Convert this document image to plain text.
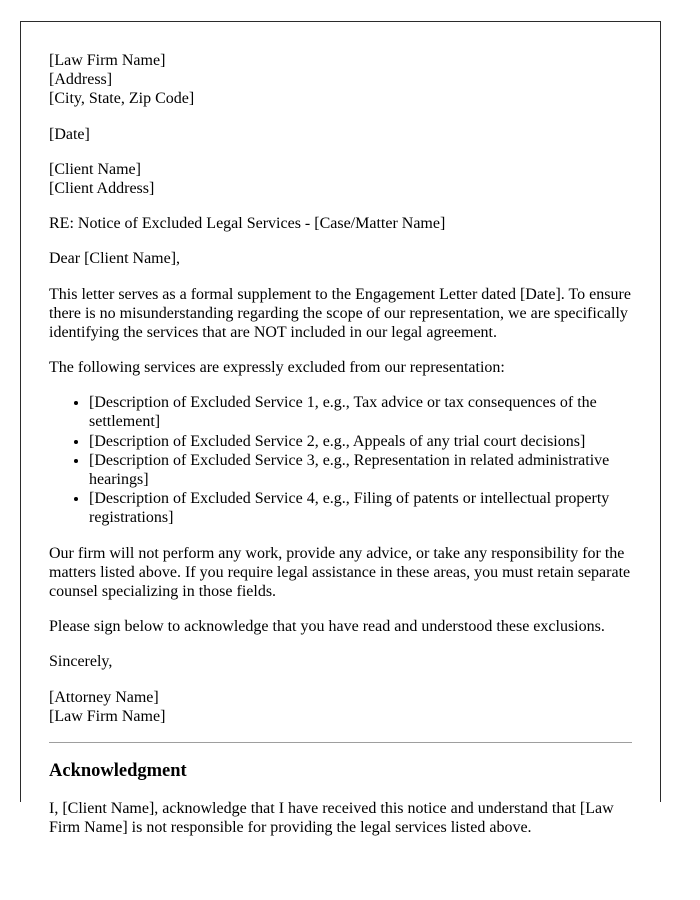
[Law Firm Name]
[Address]
[City, State, Zip Code]

[Date]

[Client Name]
[Client Address]

RE: Notice of Excluded Legal Services - [Case/Matter Name]

Dear [Client Name],

This letter serves as a formal supplement to the Engagement Letter dated [Date]. To ensure there is no misunderstanding regarding the scope of our representation, we are specifically identifying the services that are NOT included in our legal agreement.

The following services are expressly excluded from our representation:

• [Description of Excluded Service 1, e.g., Tax advice or tax consequences of the settlement]
• [Description of Excluded Service 2, e.g., Appeals of any trial court decisions]
• [Description of Excluded Service 3, e.g., Representation in related administrative hearings]
• [Description of Excluded Service 4, e.g., Filing of patents or intellectual property registrations]

Our firm will not perform any work, provide any advice, or take any responsibility for the matters listed above. If you require legal assistance in these areas, you must retain separate counsel specializing in those fields.

Please sign below to acknowledge that you have read and understood these exclusions.

Sincerely,

[Attorney Name]
[Law Firm Name]

Acknowledgment

I, [Client Name], acknowledge that I have received this notice and understand that [Law Firm Name] is not responsible for providing the legal services listed above.
